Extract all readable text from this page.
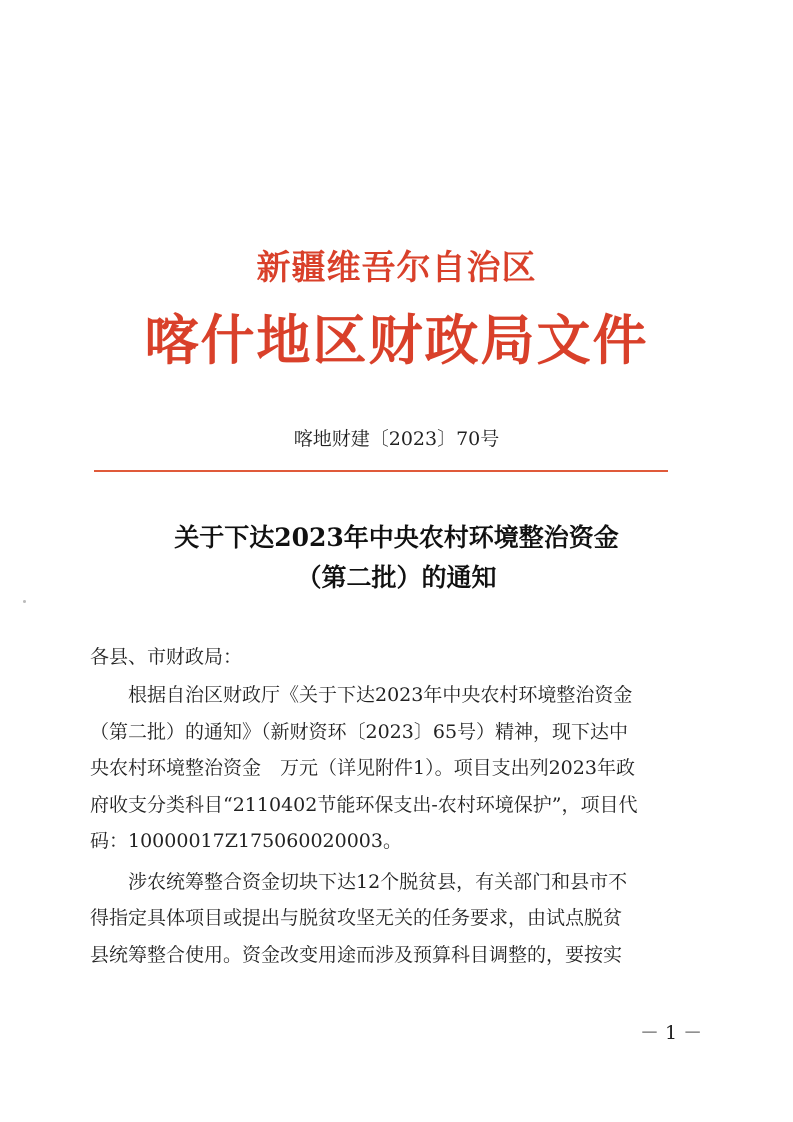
新疆维吾尔自治区
喀什地区财政局文件
喀地财建〔2023〕70号
关于下达2023年中央农村环境整治资金
（第二批）的通知
各县、市财政局：
根据自治区财政厅《关于下达2023年中央农村环境整治资金
（第二批）的通知》（新财资环〔2023〕65号）精神，现下达中
央农村环境整治资金　万元（详见附件1）。项目支出列2023年政
府收支分类科目“2110402节能环保支出-农村环境保护”，项目代
码：10000017Z175060020003。
涉农统筹整合资金切块下达12个脱贫县，有关部门和县市不
得指定具体项目或提出与脱贫攻坚无关的任务要求，由试点脱贫
县统筹整合使用。资金改变用途而涉及预算科目调整的，要按实
－ 1 －
